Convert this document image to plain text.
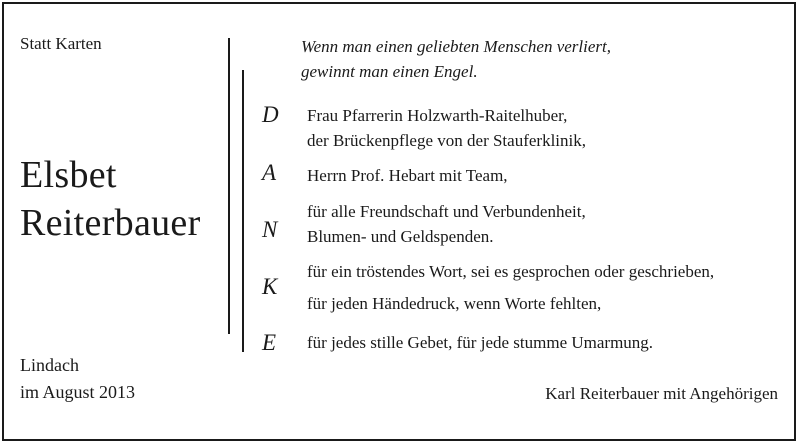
Statt Karten
Elsbet
Reiterbauer
Lindach
im August 2013
Wenn man einen geliebten Menschen verliert,
gewinnt man einen Engel.
D
A
N
K
E
Frau Pfarrerin Holzwarth-Raitelhuber,
der Brückenpflege von der Stauferklinik,
Herrn Prof. Hebart mit Team,
für alle Freundschaft und Verbundenheit,
Blumen- und Geldspenden.
für ein tröstendes Wort, sei es gesprochen oder geschrieben,
für jeden Händedruck, wenn Worte fehlten,
für jedes stille Gebet, für jede stumme Umarmung.
Karl Reiterbauer mit Angehörigen
